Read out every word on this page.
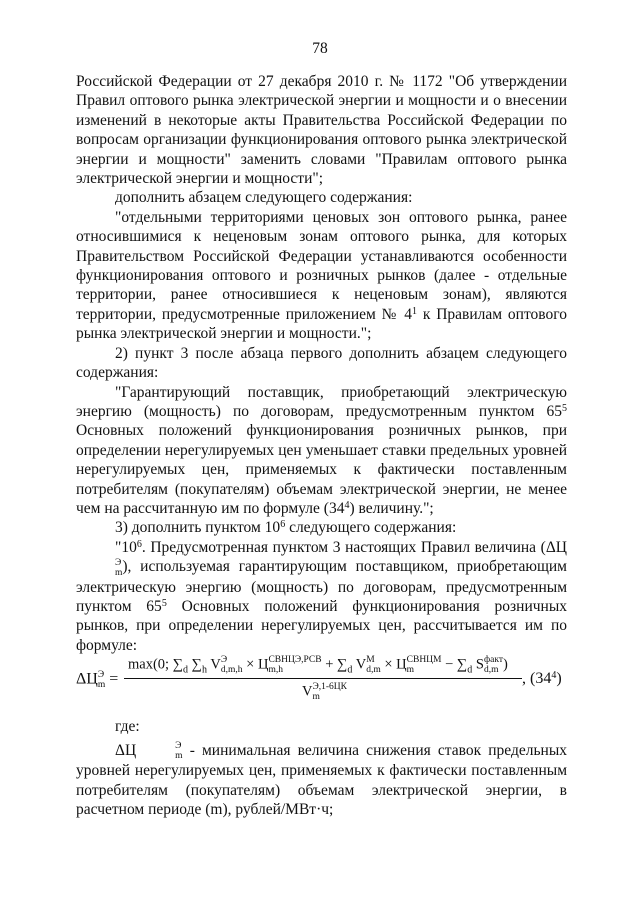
78

Российской Федерации от 27 декабря 2010 г. № 1172 "Об утверждении Правил оптового рынка электрической энергии и мощности и о внесении изменений в некоторые акты Правительства Российской Федерации по вопросам организации функционирования оптового рынка электрической энергии и мощности" заменить словами "Правилам оптового рынка электрической энергии и мощности";

дополнить абзацем следующего содержания:

"отдельными территориями ценовых зон оптового рынка, ранее относившимися к неценовым зонам оптового рынка, для которых Правительством Российской Федерации устанавливаются особенности функционирования оптового и розничных рынков (далее - отдельные территории, ранее относившиеся к неценовым зонам), являются территории, предусмотренные приложением № $4^1$ к Правилам оптового рынка электрической энергии и мощности.";

2) пункт 3 после абзаца первого дополнить абзацем следующего содержания:

"Гарантирующий поставщик, приобретающий электрическую энергию (мощность) по договорам, предусмотренным пунктом $65^5$ Основных положений функционирования розничных рынков, при определении нерегулируемых цен уменьшает ставки предельных уровней нерегулируемых цен, применяемых к фактически поставленным потребителям (покупателям) объемам электрической энергии, не менее чем на рассчитанную им по формуле $(34^4)$ величину.";

3) дополнить пунктом $10^6$ следующего содержания:

"$10^6$. Предусмотренная пунктом 3 настоящих Правил величина (ΔЦ
Э
m ), используемая гарантирующим поставщиком, приобретающим электрическую энергию (мощность) по договорам, предусмотренным пунктом $65^5$ Основных положений функционирования розничных рынков, при определении нерегулируемых цен, рассчитывается им по формуле:

ΔЦ Э
m =
max(0; $\sum_d$ $\sum_h$ V Э
d,m,h × Ц СВНЦЭ,РСВ
m,h	+ $\sum_d$ V М
d,m × Ц СВНЦМ
m	− $\sum_d$ S факт
d,m )
V Э,1-6ЦК
m
, $(34^4)$

где:

ΔЦ	Э
m - минимальная величина снижения ставок предельных уровней нерегулируемых цен, применяемых к фактически поставленным потребителям (покупателям) объемам электрической энергии, в расчетном периоде (m), рублей/МВт·ч;
